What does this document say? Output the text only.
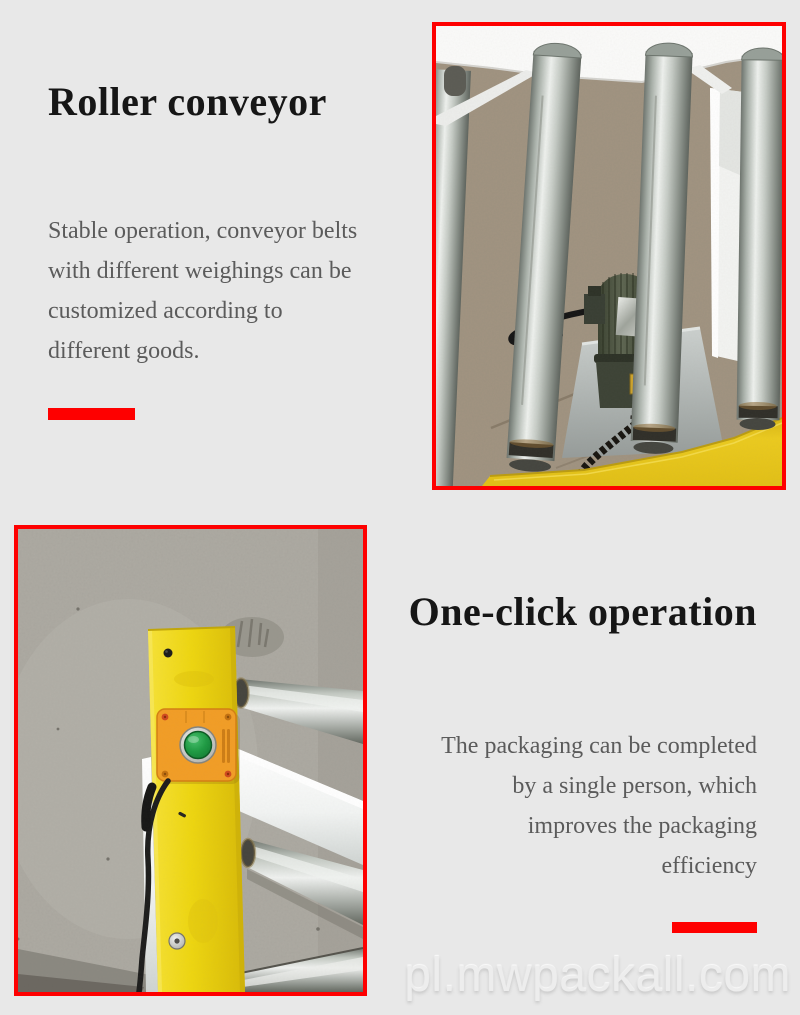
Roller conveyor

Stable operation, conveyor belts
with different weighings can be
customized according to
different goods.

One-click operation

The packaging can be completed
by a single person, which
improves the packaging
efficiency

pl.mwpackall.com
